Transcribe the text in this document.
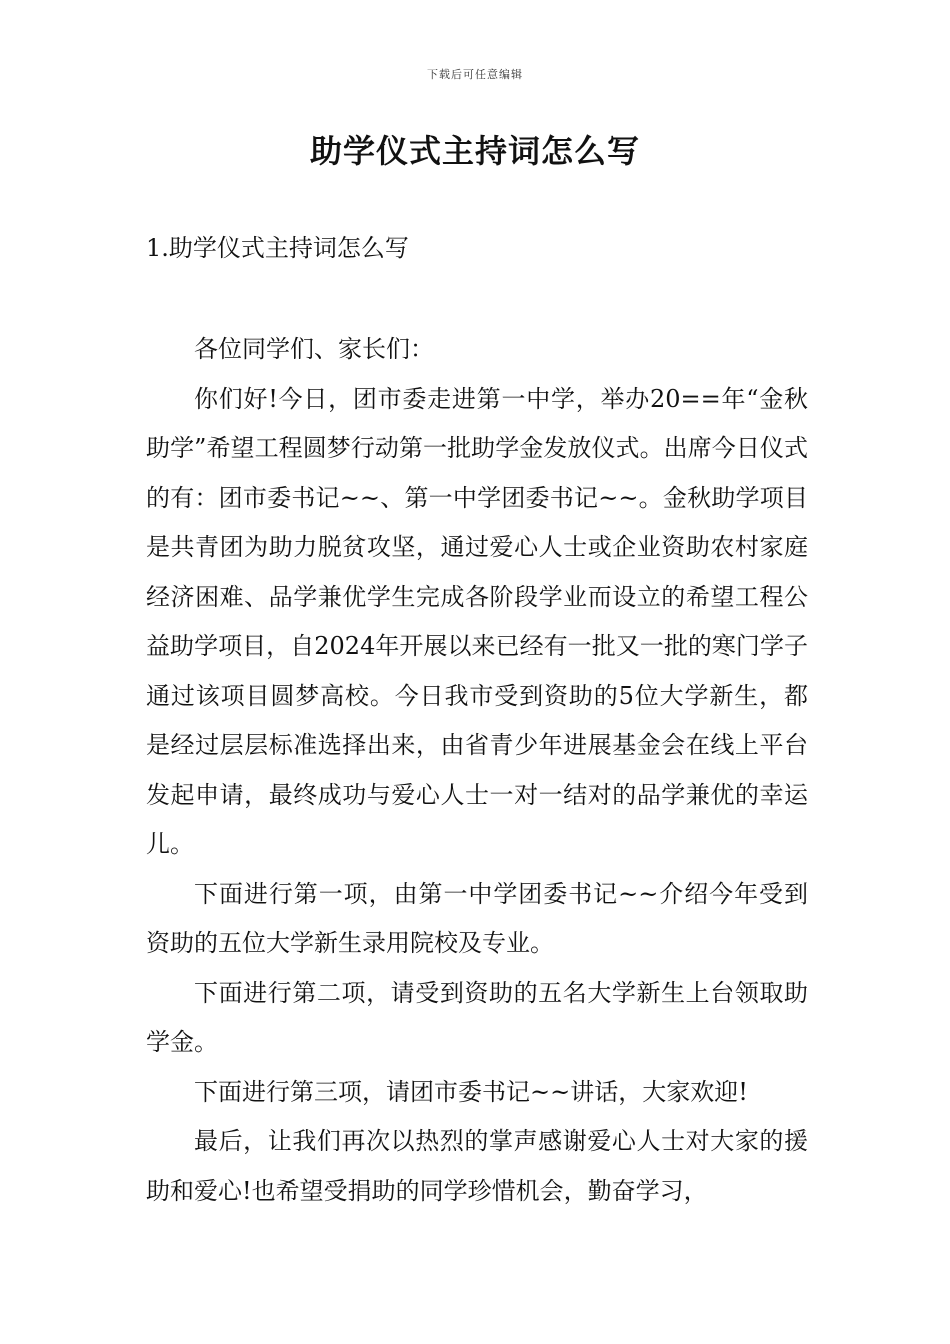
下载后可任意编辑
助学仪式主持词怎么写
1.助学仪式主持词怎么写

各位同学们、家长们：

你们好!今日，团市委走进第一中学，举办20==年“金秋助学”希望工程圆梦行动第一批助学金发放仪式。出席今日仪式的有：团市委书记~~、第一中学团委书记~~。金秋助学项目是共青团为助力脱贫攻坚，通过爱心人士或企业资助农村家庭经济困难、品学兼优学生完成各阶段学业而设立的希望工程公益助学项目，自2024年开展以来已经有一批又一批的寒门学子通过该项目圆梦高校。今日我市受到资助的5位大学新生，都是经过层层标准选择出来，由省青少年进展基金会在线上平台发起申请，最终成功与爱心人士一对一结对的品学兼优的幸运儿。

下面进行第一项，由第一中学团委书记~~介绍今年受到资助的五位大学新生录用院校及专业。

下面进行第二项，请受到资助的五名大学新生上台领取助学金。

下面进行第三项，请团市委书记~~讲话，大家欢迎!

最后，让我们再次以热烈的掌声感谢爱心人士对大家的援助和爱心!也希望受捐助的同学珍惜机会，勤奋学习，
